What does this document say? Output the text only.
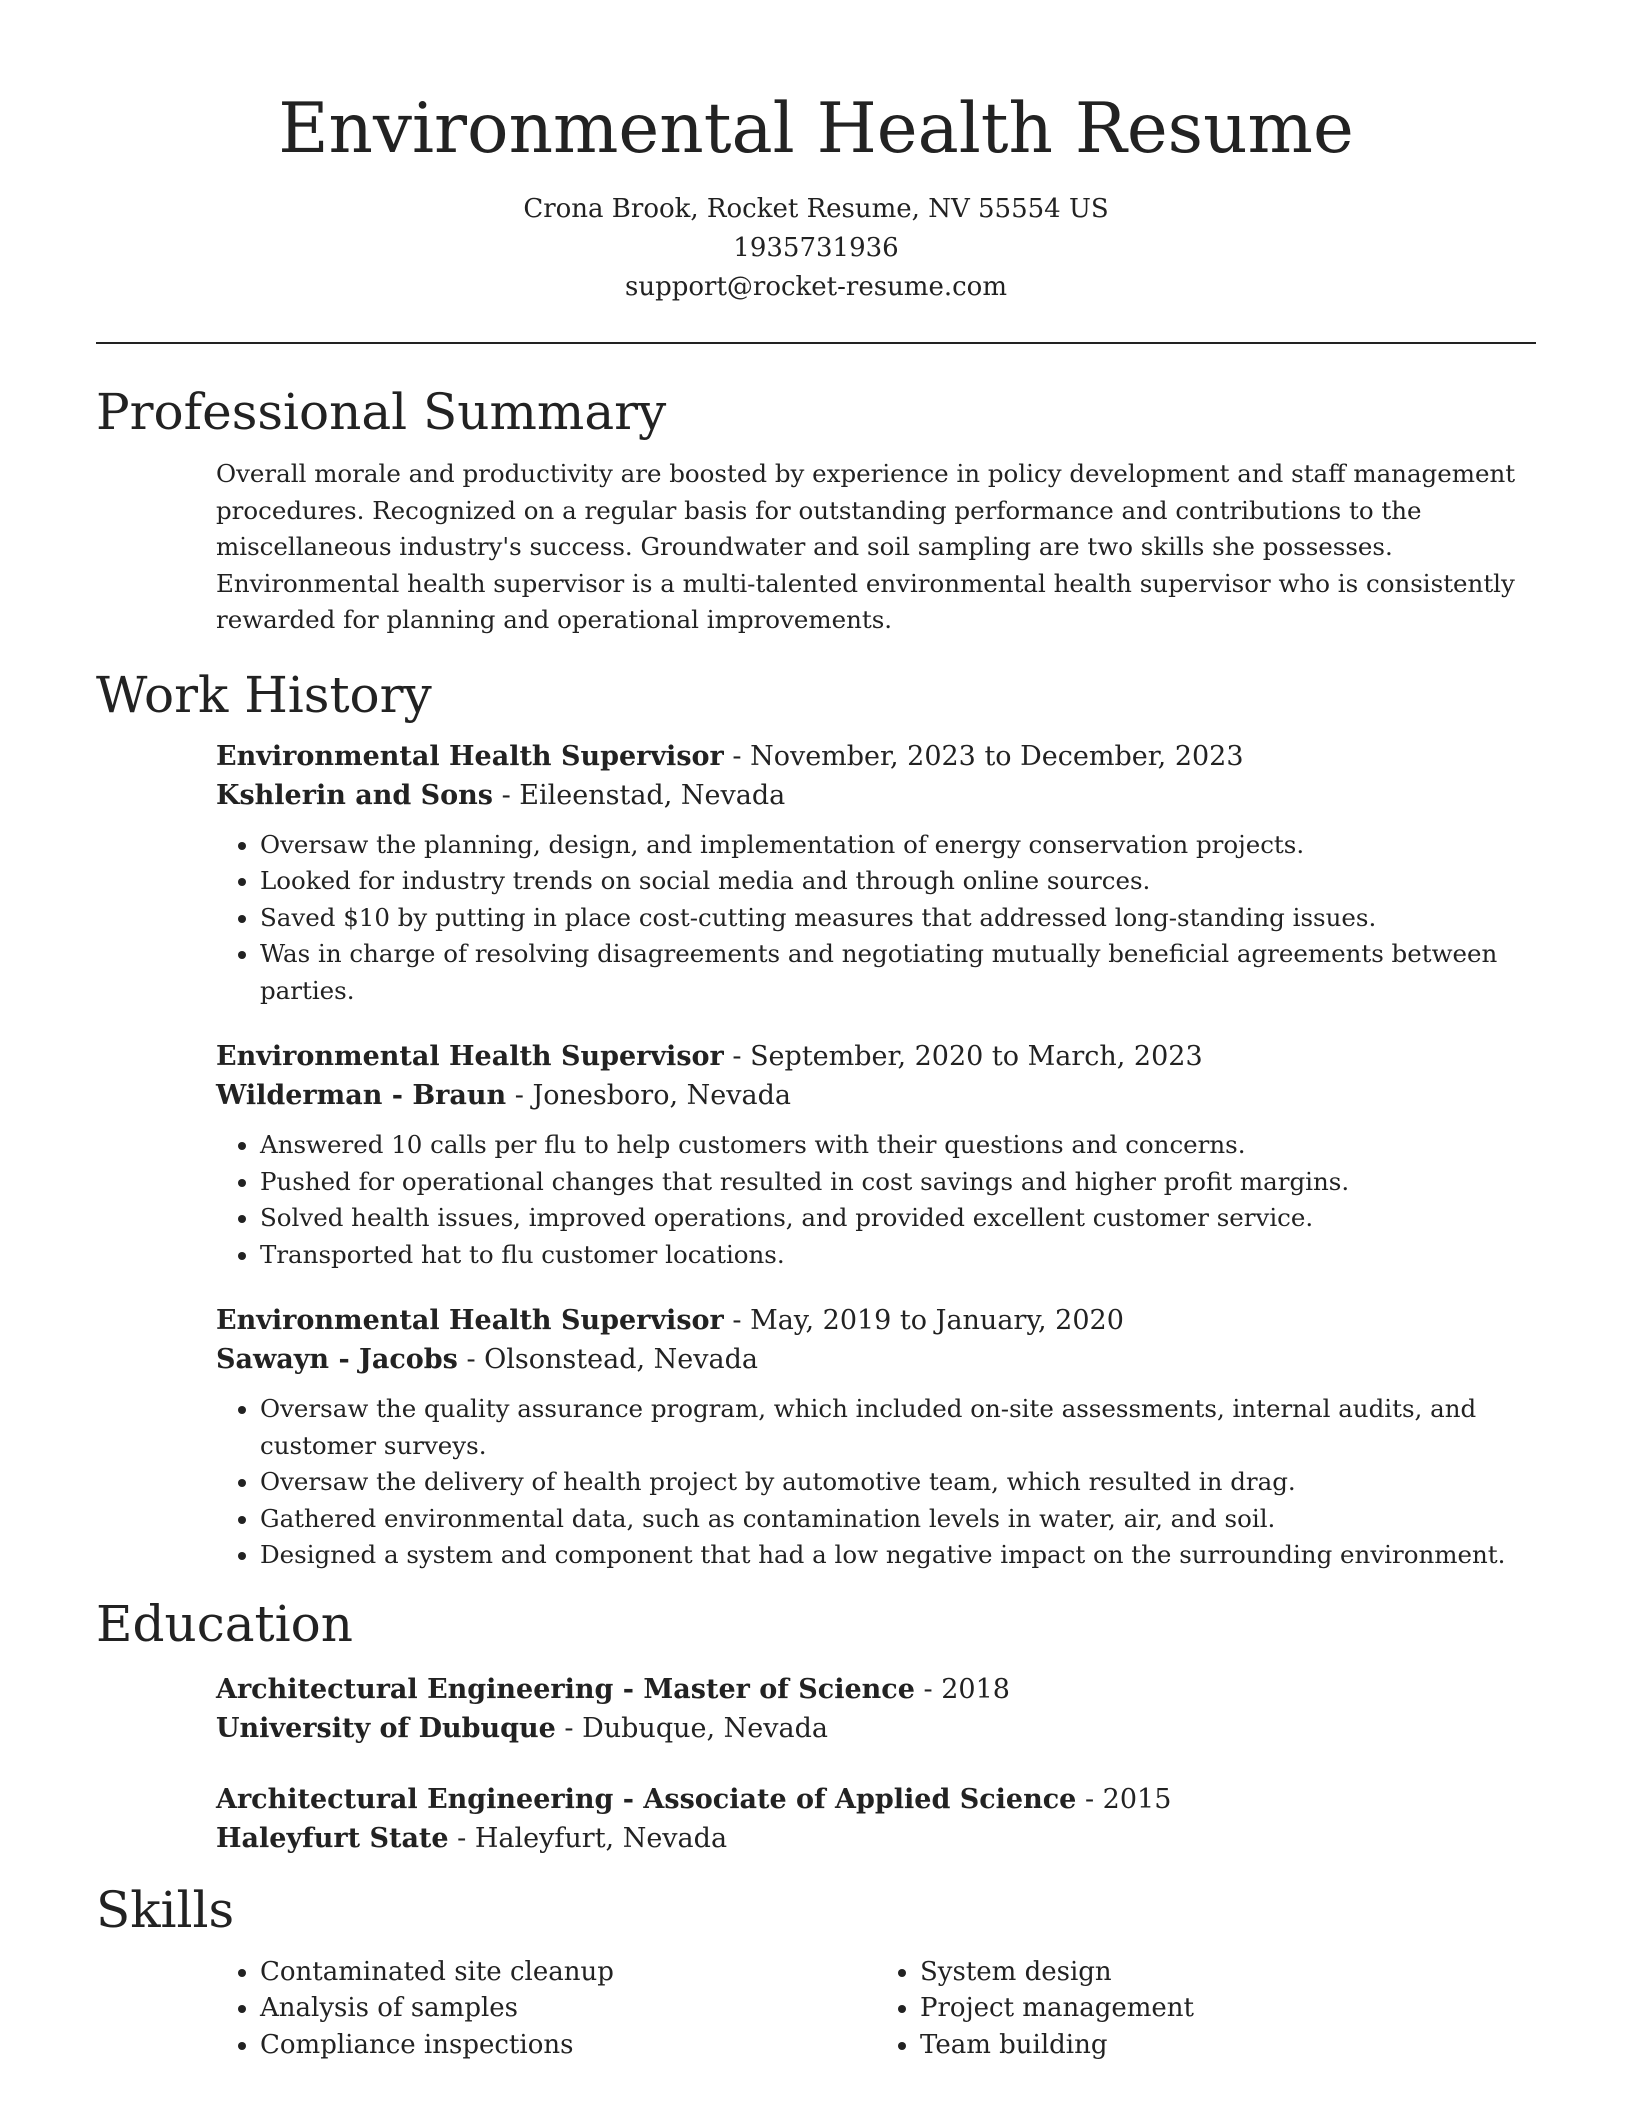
Environmental Health Resume
Crona Brook, Rocket Resume, NV 55554 US
1935731936
support@rocket-resume.com
Professional Summary

Overall morale and productivity are boosted by experience in policy development and staff management procedures. Recognized on a regular basis for outstanding performance and contributions to the miscellaneous industry's success. Groundwater and soil sampling are two skills she possesses. Environmental health supervisor is a multi-talented environmental health supervisor who is consistently rewarded for planning and operational improvements.

Work History
Environmental Health Supervisor - November, 2023 to December, 2023
Kshlerin and Sons - Eileenstad, Nevada
• Oversaw the planning, design, and implementation of energy conservation projects.
• Looked for industry trends on social media and through online sources.
• Saved $10 by putting in place cost-cutting measures that addressed long-standing issues.
• Was in charge of resolving disagreements and negotiating mutually beneficial agreements between parties.
Environmental Health Supervisor - September, 2020 to March, 2023
Wilderman - Braun - Jonesboro, Nevada
• Answered 10 calls per flu to help customers with their questions and concerns.
• Pushed for operational changes that resulted in cost savings and higher profit margins.
• Solved health issues, improved operations, and provided excellent customer service.
• Transported hat to flu customer locations.
Environmental Health Supervisor - May, 2019 to January, 2020
Sawayn - Jacobs - Olsonstead, Nevada
• Oversaw the quality assurance program, which included on-site assessments, internal audits, and customer surveys.
• Oversaw the delivery of health project by automotive team, which resulted in drag.
• Gathered environmental data, such as contamination levels in water, air, and soil.
• Designed a system and component that had a low negative impact on the surrounding environment.
Education
Architectural Engineering - Master of Science - 2018
University of Dubuque - Dubuque, Nevada
Architectural Engineering - Associate of Applied Science - 2015
Haleyfurt State - Haleyfurt, Nevada
Skills
• Contaminated site cleanup
• Analysis of samples
• Compliance inspections
• System design
• Project management
• Team building
